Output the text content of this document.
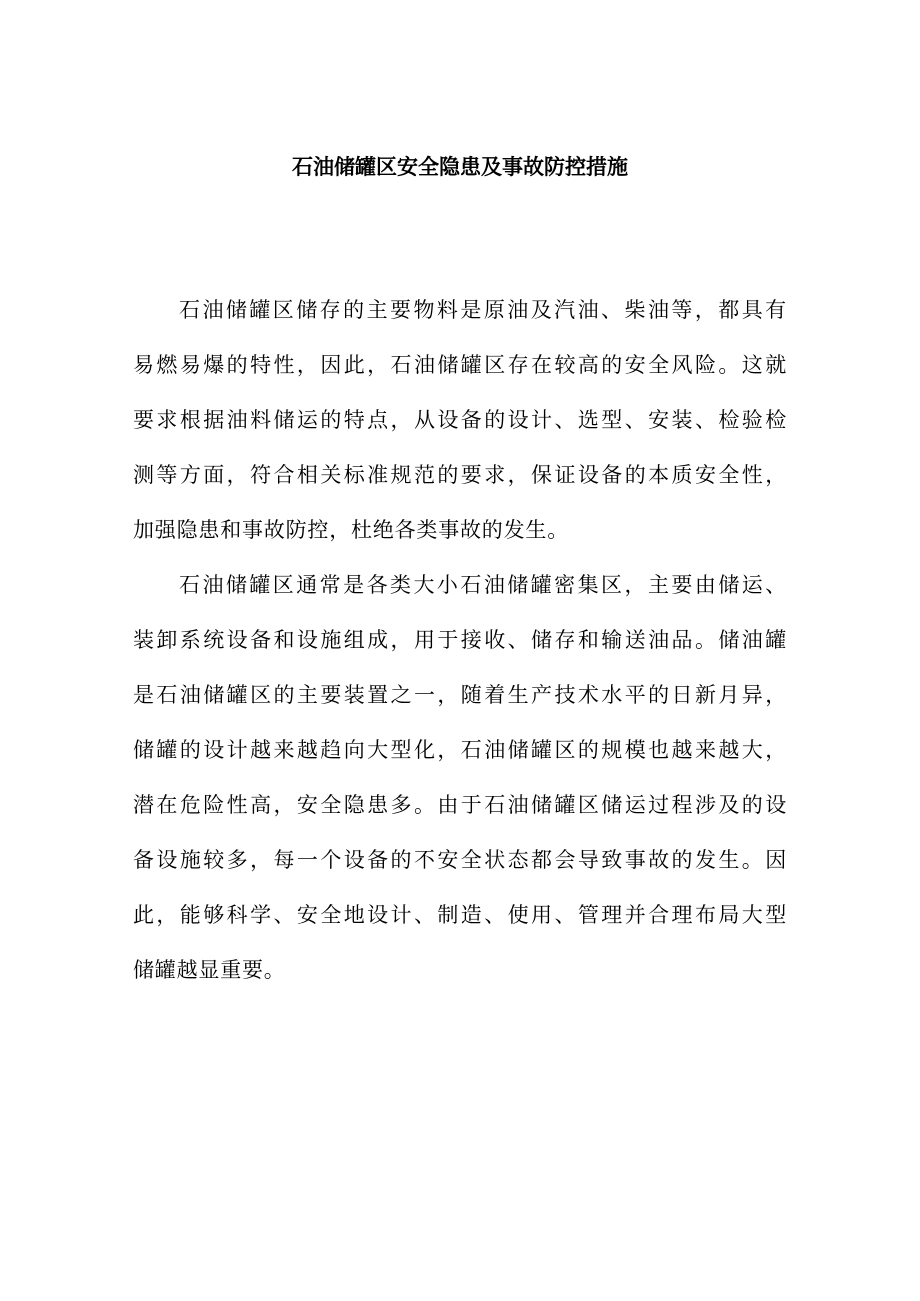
石油储罐区安全隐患及事故防控措施

石油储罐区储存的主要物料是原油及汽油、柴油等，都具有
易燃易爆的特性，因此，石油储罐区存在较高的安全风险。这就
要求根据油料储运的特点，从设备的设计、选型、安装、检验检
测等方面，符合相关标准规范的要求，保证设备的本质安全性，
加强隐患和事故防控，杜绝各类事故的发生。

石油储罐区通常是各类大小石油储罐密集区，主要由储运、
装卸系统设备和设施组成，用于接收、储存和输送油品。储油罐
是石油储罐区的主要装置之一，随着生产技术水平的日新月异，
储罐的设计越来越趋向大型化，石油储罐区的规模也越来越大，
潜在危险性高，安全隐患多。由于石油储罐区储运过程涉及的设
备设施较多，每一个设备的不安全状态都会导致事故的发生。因
此，能够科学、安全地设计、制造、使用、管理并合理布局大型
储罐越显重要。
